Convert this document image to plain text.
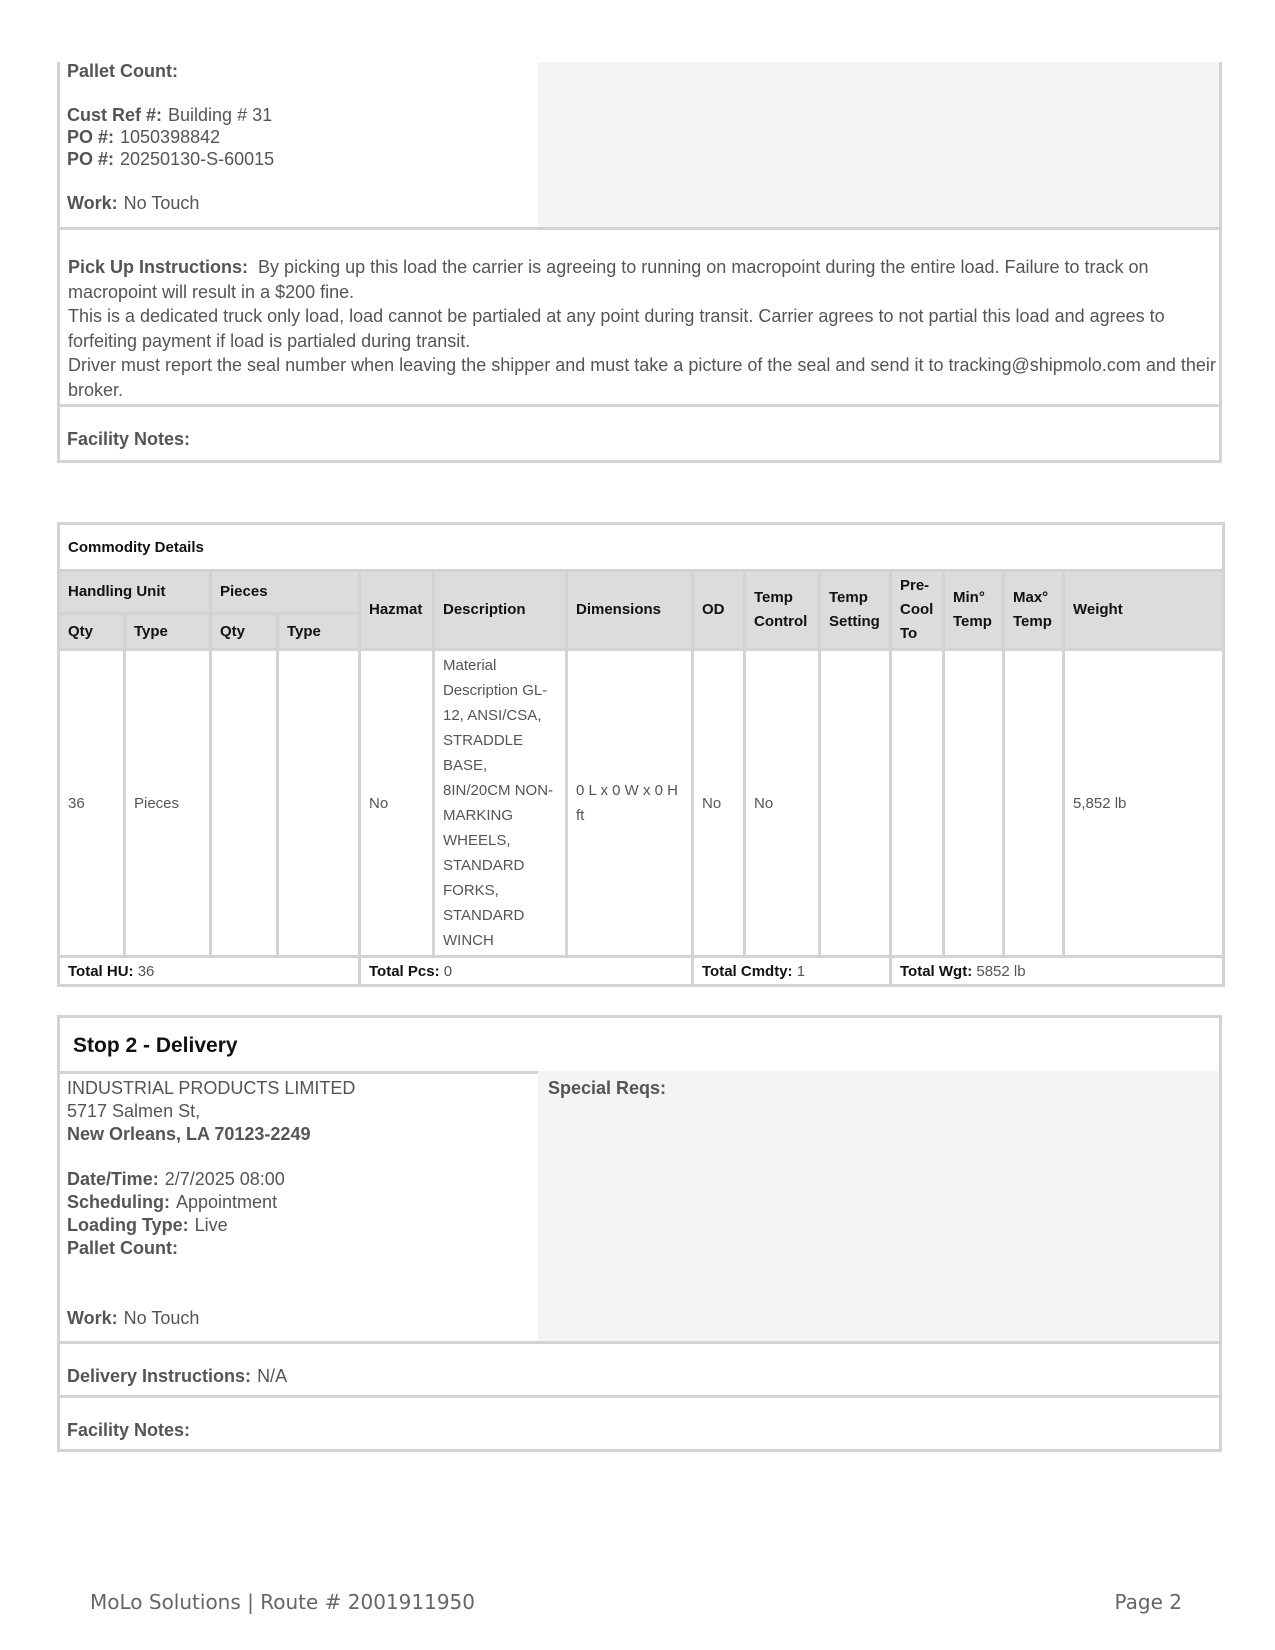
Pallet Count:
Cust Ref #: Building # 31
PO #: 1050398842
PO #: 20250130-S-60015
Work: No Touch

Pick Up Instructions: By picking up this load the carrier is agreeing to running on macropoint during the entire load. Failure to track on macropoint will result in a $200 fine.
This is a dedicated truck only load, load cannot be partialed at any point during transit. Carrier agrees to not partial this load and agrees to forfeiting payment if load is partialed during transit.
Driver must report the seal number when leaving the shipper and must take a picture of the seal and send it to tracking@shipmolo.com and their broker.

Facility Notes:
Commodity Details													
Handling Unit		Pieces		Hazmat	Description	Dimensions	OD	Temp Control	Temp Setting	Pre-Cool To	Min° Temp	Max° Temp	Weight
Qty	Type	Qty	Type										
36	Pieces			No	Material Description GL-12, ANSI/CSA, STRADDLE BASE, 8IN/20CM NON-MARKING WHEELS, STANDARD FORKS, STANDARD WINCH	0 L x 0 W x 0 H ft	No	No					5,852 lb
Total HU: 36				Total Pcs: 0			Total Cmdty: 1			Total Wgt: 5852 lb			
Stop 2 - Delivery
INDUSTRIAL PRODUCTS LIMITED
5717 Salmen St,
New Orleans, LA 70123-2249
Date/Time: 2/7/2025 08:00
Scheduling: Appointment
Loading Type: Live
Pallet Count:
Work: No Touch
Special Reqs:
Delivery Instructions: N/A
Facility Notes:
MoLo Solutions | Route # 2001911950	Page 2
